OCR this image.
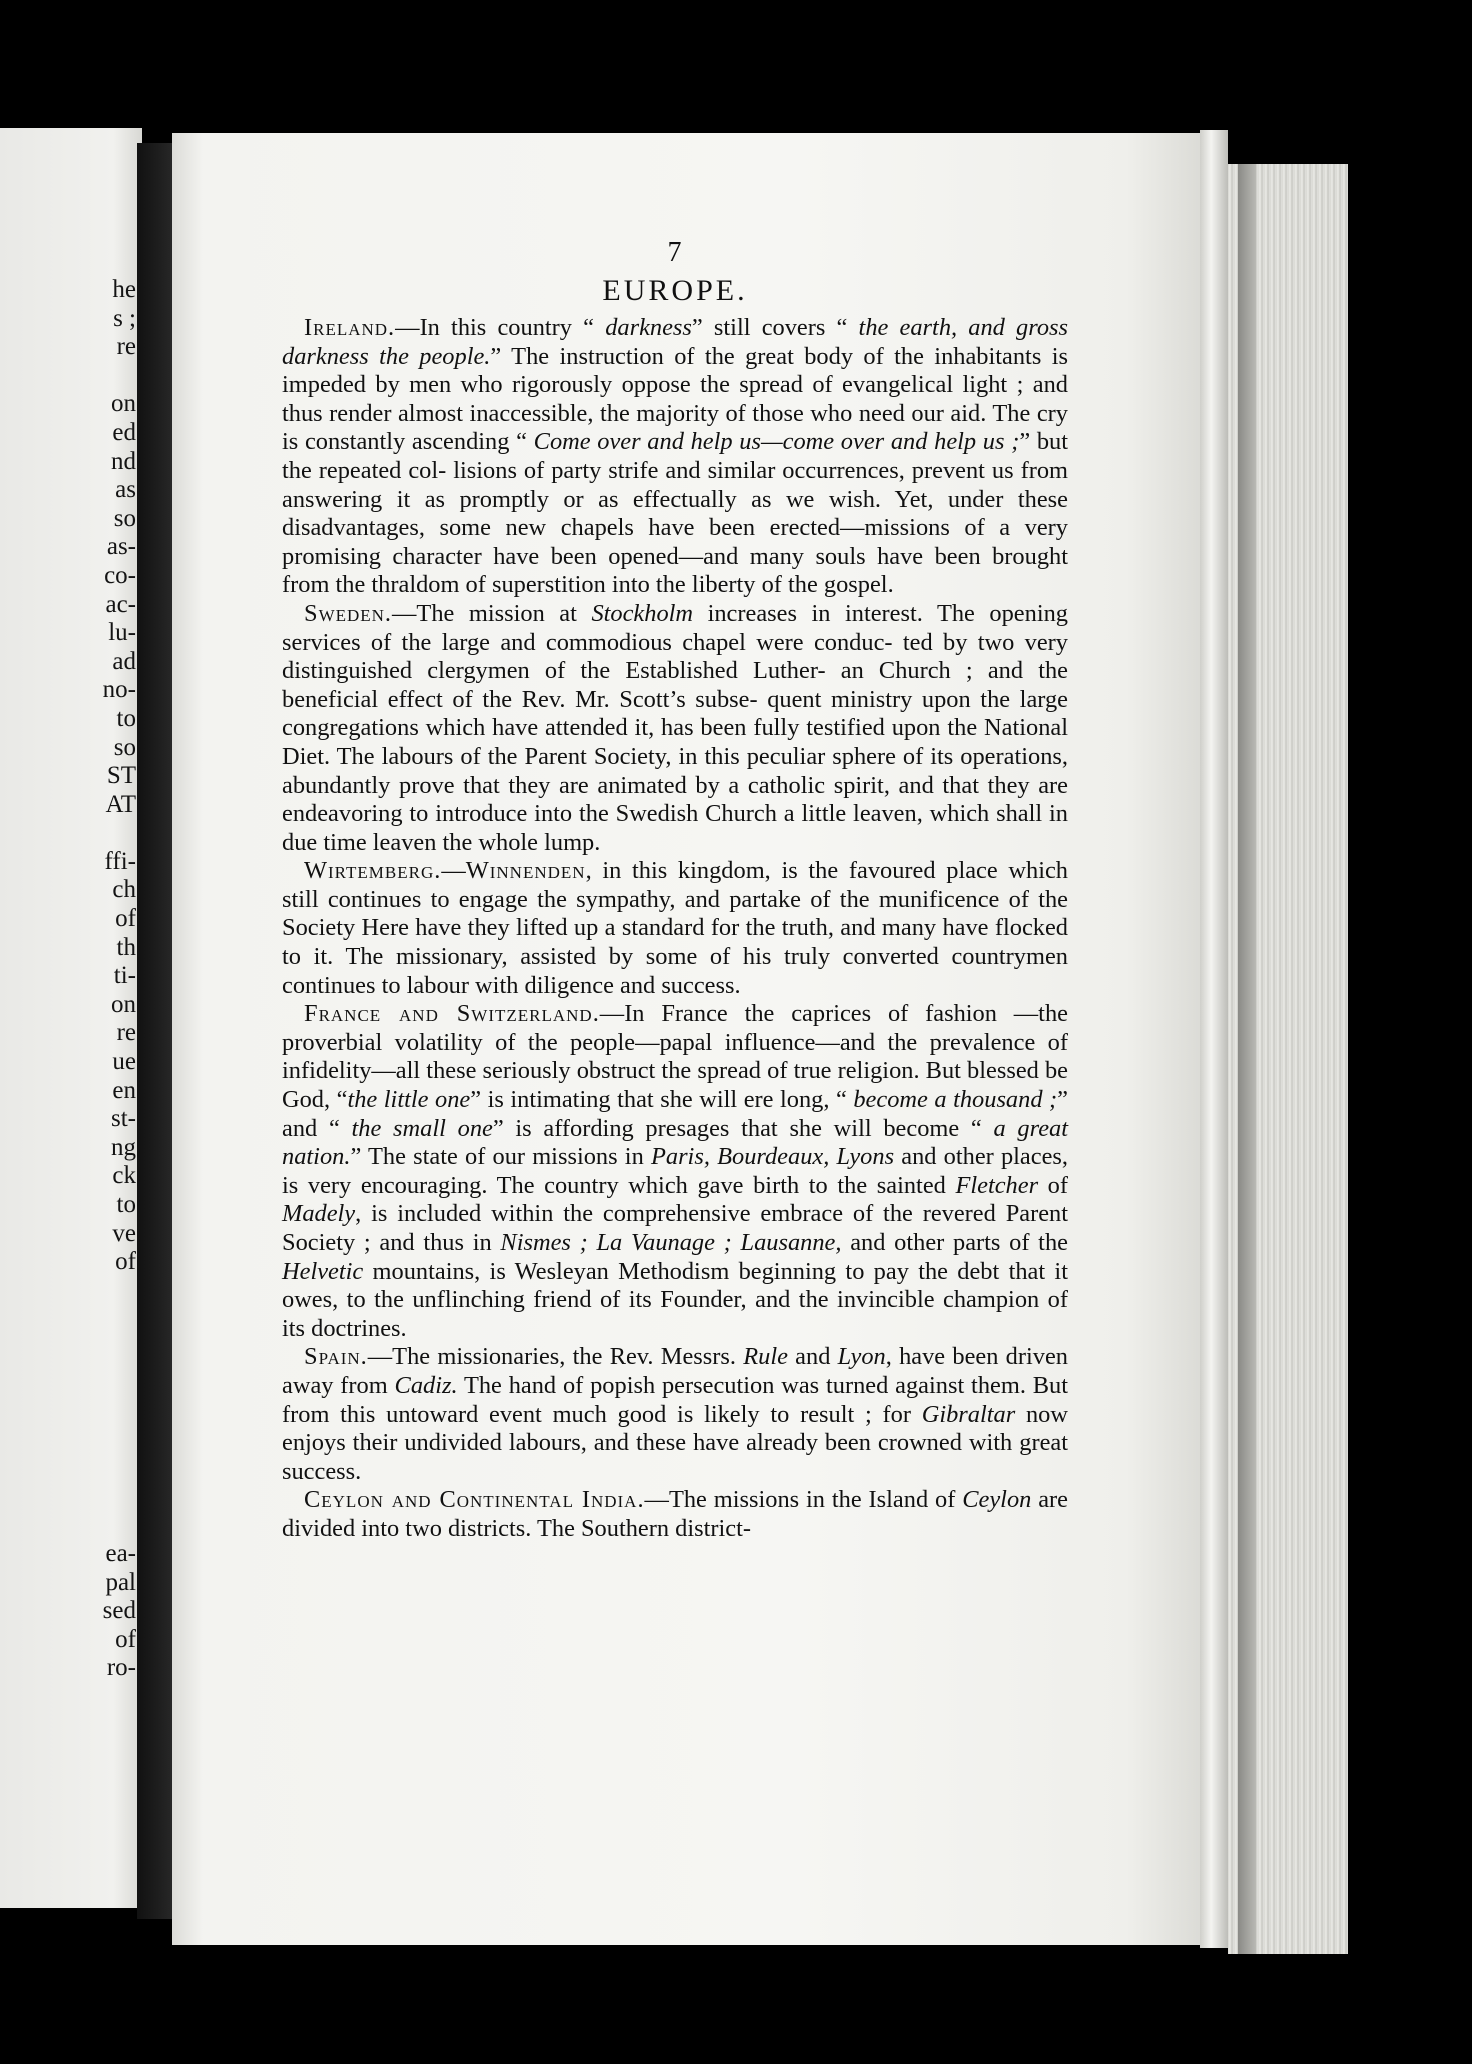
he
s ;
re

on
ed
nd
as
so
as-
co-
ac-
lu-
ad
no-
to
so
ST
AT

ffi-
ch
of
th
ti-
on
re
ue
en
st-
ng
ck
to
ve
of
ea-
pal
sed
of
ro-
7
EUROPE.

Ireland.—In this country “ darkness” still covers “ the earth, and gross darkness the people.” The instruction of the great body of the inhabitants is impeded by men who rigorously oppose the spread of evangelical light ; and thus render almost inaccessible, the majority of those who need our aid. The cry is constantly ascending “ Come over and help us—come over and help us ;” but the repeated col- lisions of party strife and similar occurrences, prevent us from answering it as promptly or as effectually as we wish. Yet, under these disadvantages, some new chapels have been erected—missions of a very promising character have been opened—and many souls have been brought from the thraldom of superstition into the liberty of the gospel.

Sweden.—The mission at Stockholm increases in interest. The opening services of the large and commodious chapel were conduc- ted by two very distinguished clergymen of the Established Luther- an Church ; and the beneficial effect of the Rev. Mr. Scott’s subse- quent ministry upon the large congregations which have attended it, has been fully testified upon the National Diet. The labours of the Parent Society, in this peculiar sphere of its operations, abundantly prove that they are animated by a catholic spirit, and that they are endeavoring to introduce into the Swedish Church a little leaven, which shall in due time leaven the whole lump.

Wirtemberg.—Winnenden, in this kingdom, is the favoured place which still continues to engage the sympathy, and partake of the munificence of the Society Here have they lifted up a standard for the truth, and many have flocked to it. The missionary, assisted by some of his truly converted countrymen continues to labour with diligence and success.

France and Switzerland.—In France the caprices of fashion —the proverbial volatility of the people—papal influence—and the prevalence of infidelity—all these seriously obstruct the spread of true religion. But blessed be God, “the little one” is intimating that she will ere long, “ become a thousand ;” and “ the small one” is affording presages that she will become “ a great nation.” The state of our missions in Paris, Bourdeaux, Lyons and other places, is very encouraging. The country which gave birth to the sainted Fletcher of Madely, is included within the comprehensive embrace of the revered Parent Society ; and thus in Nismes ; La Vaunage ; Lausanne, and other parts of the Helvetic mountains, is Wesleyan Methodism beginning to pay the debt that it owes, to the unflinching friend of its Founder, and the invincible champion of its doctrines.

Spain.—The missionaries, the Rev. Messrs. Rule and Lyon, have been driven away from Cadiz. The hand of popish persecution was turned against them. But from this untoward event much good is likely to result ; for Gibraltar now enjoys their undivided labours, and these have already been crowned with great success.

Ceylon and Continental India.—The missions in the Island of Ceylon are divided into two districts. The Southern district-
